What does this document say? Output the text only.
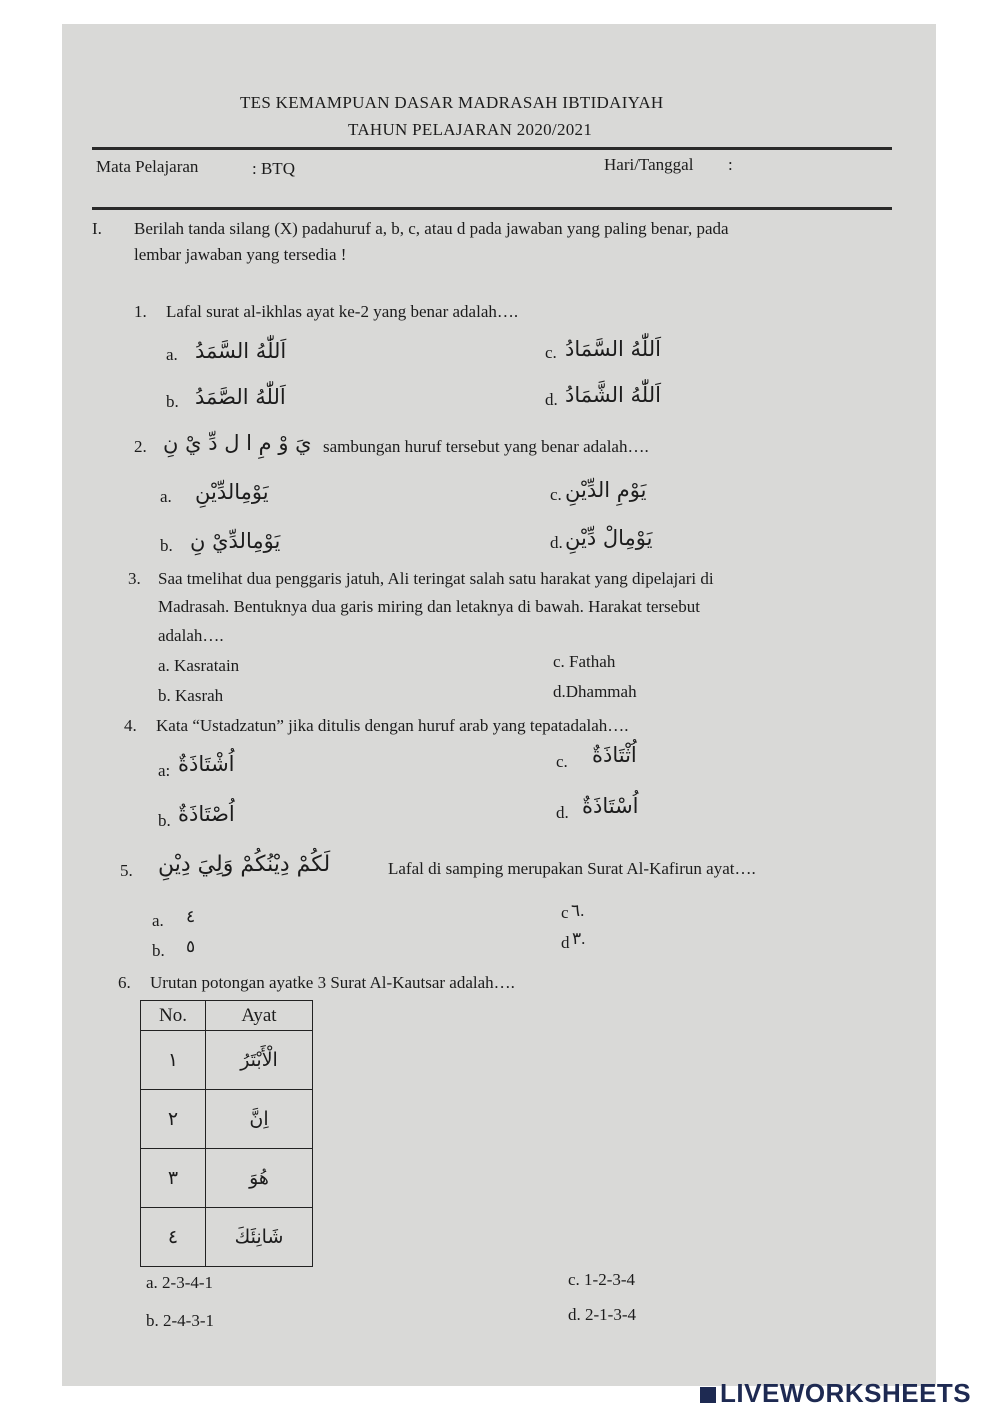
TES KEMAMPUAN DASAR MADRASAH IBTIDAIYAH
TAHUN PELAJARAN 2020/2021
Mata Pelajaran	: BTQ	Hari/Tanggal :
I. Berilah tanda silang (X) padahuruf a, b, c, atau d pada jawaban yang paling benar, pada
lembar jawaban yang tersedia !
1. Lafal surat al-ikhlas ayat ke-2 yang benar adalah….
a. اَللّٰهُ السَّمَدُ
b. اَللّٰهُ الصَّمَدُ
c. اَللّٰهُ السَّمَادُ
d. اَللّٰهُ الشَّمَادُ
2. يَ وْ مِ ا ل دِّ يْ نِ sambungan huruf tersebut yang benar adalah….
a. يَوْمِالدِّيْنِ
b. يَوْمِالدِّيْ نِ
c. يَوْمِ الدِّيْنِ
d. يَوْمِالْ دِّيْنِ
3. Saa tmelihat dua penggaris jatuh, Ali teringat salah satu harakat yang dipelajari di
Madrasah. Bentuknya dua garis miring dan letaknya di bawah. Harakat tersebut
adalah….
a. Kasratain
b. Kasrah
c. Fathah
d.Dhammah
4. Kata “Ustadzatun” jika ditulis dengan huruf arab yang tepatadalah….
a: اُشْتَاذَةٌ
b. اُصْتَاذَةٌ
c. اُثْتَاذَةٌ
d. اُسْتَاذَةٌ
5. لَكُمْ دِيْنُكُمْ وَلِيَ دِيْنِ	Lafal di samping merupakan Surat Al-Kafirun ayat….
a. ٤
b. ٥
c ٦.
d ٣.
6. Urutan potongan ayatke 3 Surat Al-Kautsar adalah….
No.	Ayat
١	الْأَبْتَرُ
٢	اِنَّ
٣	هُوَ
٤	شَانِئَكَ
a. 2-3-4-1
b. 2-4-3-1
c. 1-2-3-4
d. 2-1-3-4
LIVEWORKSHEETS
